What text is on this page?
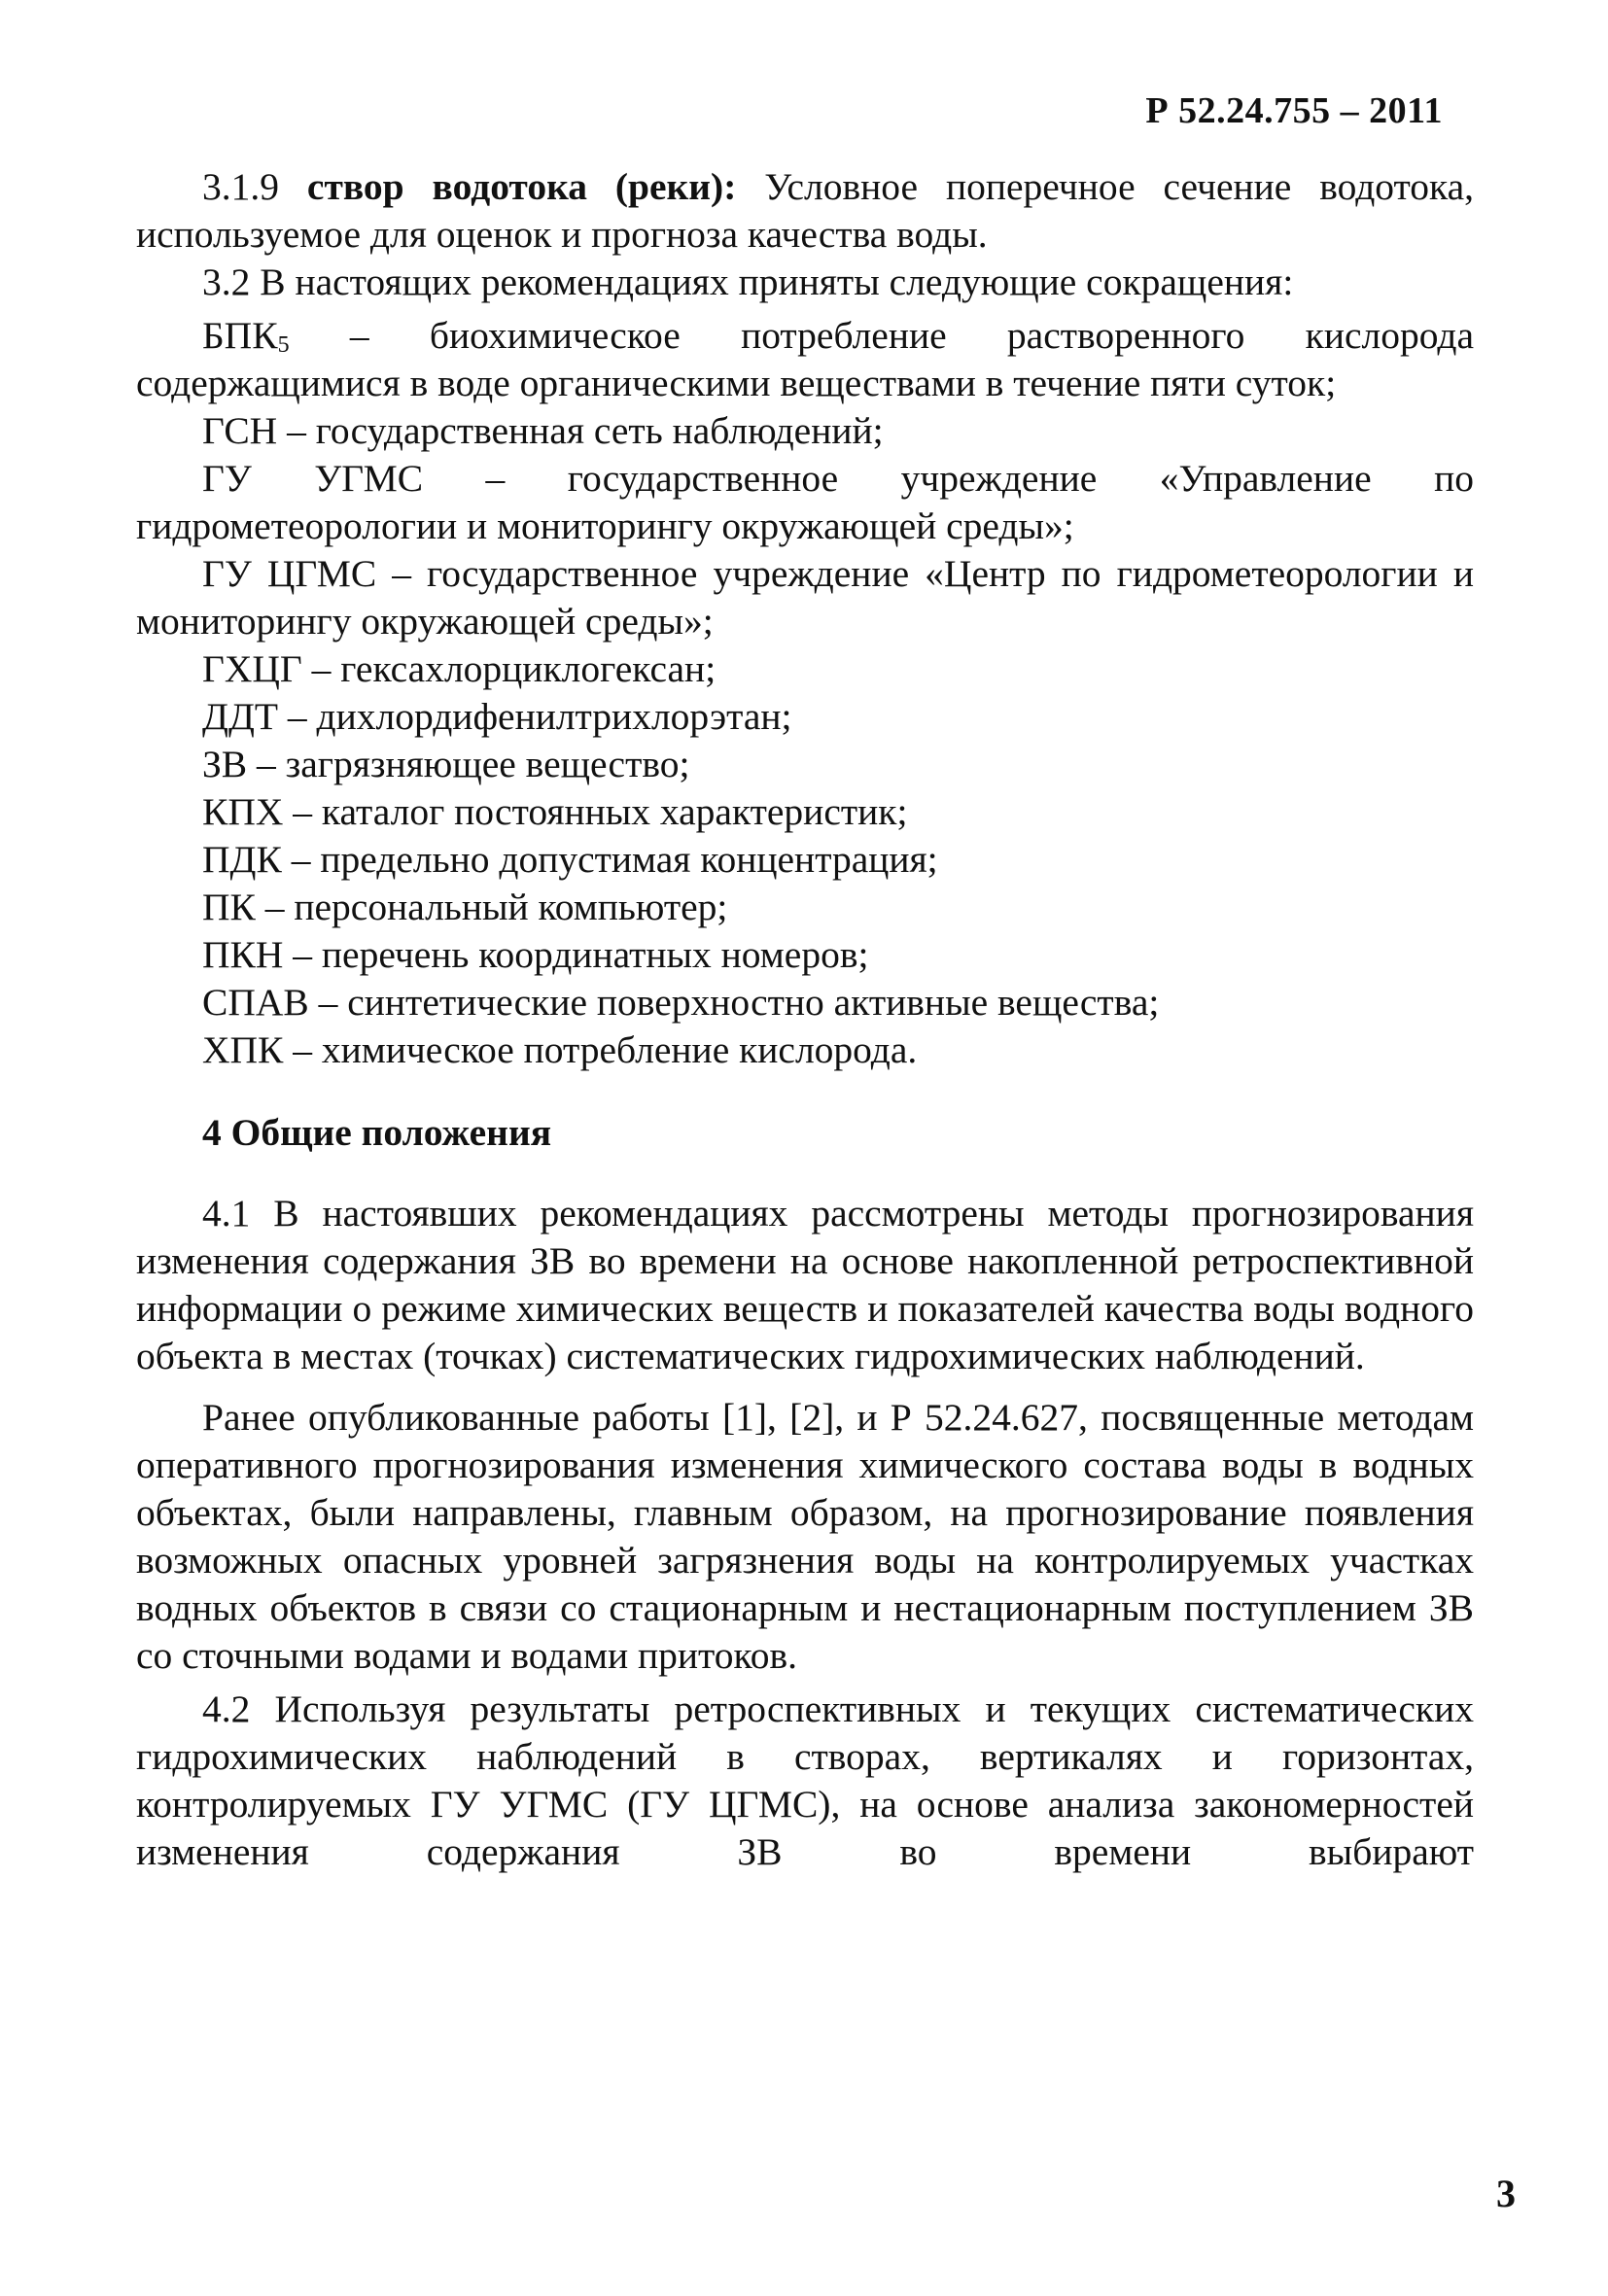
Р 52.24.755 – 2011

3.1.9 створ водотока (реки): Условное поперечное сечение водотока, используемое для оценок и прогноза качества воды.

3.2 В настоящих рекомендациях приняты следующие сокращения:

$БПК_5$ – биохимическое потребление растворенного кислорода содержащимися в воде органическими веществами в течение пяти суток;

ГСН – государственная сеть наблюдений;

ГУ УГМС – государственное учреждение «Управление по гидрометеорологии и мониторингу окружающей среды»;

ГУ ЦГМС – государственное учреждение «Центр по гидрометеорологии и мониторингу окружающей среды»;

ГХЦГ – гексахлорциклогексан;

ДДТ – дихлордифенилтрихлорэтан;

ЗВ – загрязняющее вещество;

КПХ – каталог постоянных характеристик;

ПДК – предельно допустимая концентрация;

ПК – персональный компьютер;

ПКН – перечень координатных номеров;

СПАВ – синтетические поверхностно активные вещества;

ХПК – химическое потребление кислорода.

4 Общие положения

4.1 В настоявших рекомендациях рассмотрены методы прогнозирования изменения содержания ЗВ во времени на основе накопленной ретроспективной информации о режиме химических веществ и показателей качества воды водного объекта в местах (точках) систематических гидрохимических наблюдений.

Ранее опубликованные работы [1], [2], и Р 52.24.627, посвященные методам оперативного прогнозирования изменения химического состава воды в водных объектах, были направлены, главным образом, на прогнозирование появления возможных опасных уровней загрязнения воды на контролируемых участках водных объектов в связи со стационарным и нестационарным поступлением ЗВ со сточными водами и водами притоков.

4.2 Используя результаты ретроспективных и текущих систематических гидрохимических наблюдений в створах, вертикалях и горизонтах, контролируемых ГУ УГМС (ГУ ЦГМС), на основе анализа закономерностей изменения содержания ЗВ во времени выбирают

3
